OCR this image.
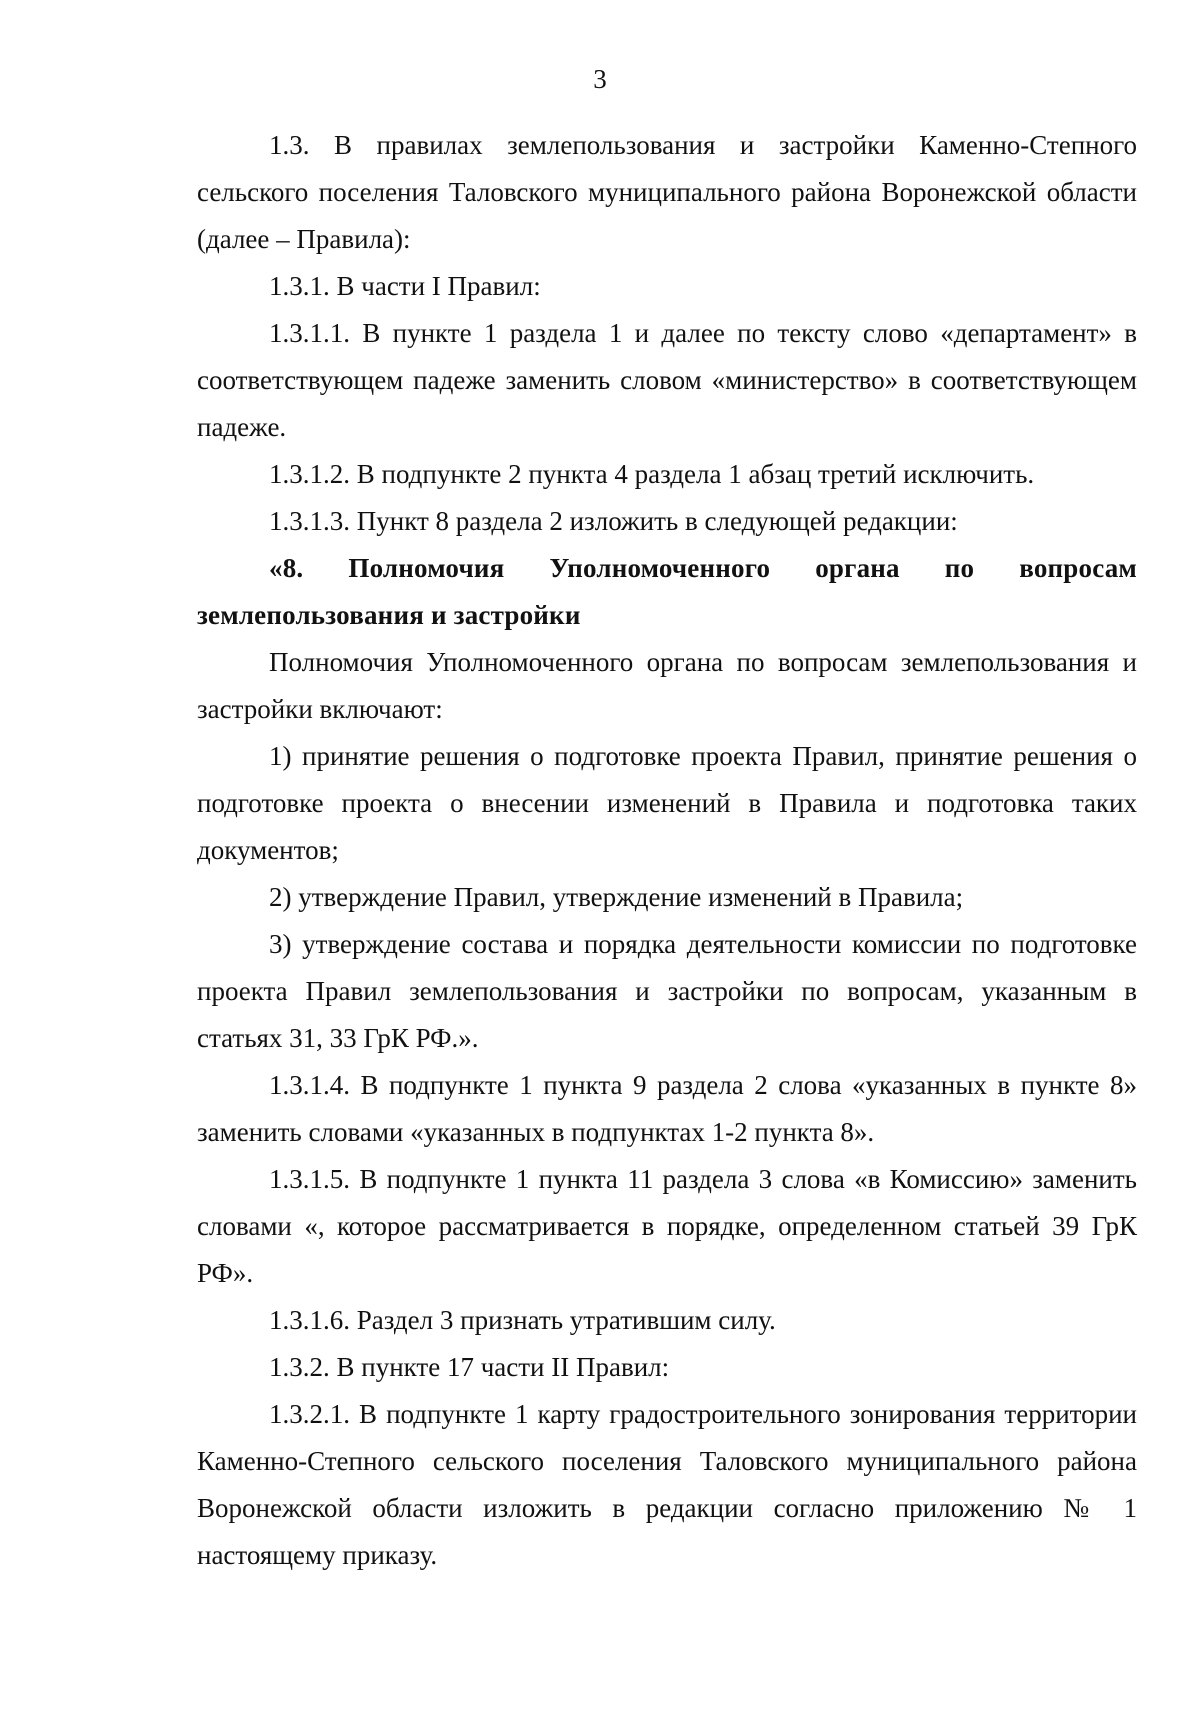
3

1.3. В правилах землепользования и застройки Каменно-Степного сельского поселения Таловского муниципального района Воронежской области (далее – Правила):

1.3.1. В части I Правил:

1.3.1.1. В пункте 1 раздела 1 и далее по тексту слово «департамент» в соответствующем падеже заменить словом «министерство» в соответствующем падеже.

1.3.1.2. В подпункте 2 пункта 4 раздела 1 абзац третий исключить.

1.3.1.3. Пункт 8 раздела 2 изложить в следующей редакции:

«8. Полномочия Уполномоченного органа по вопросам землепользования и застройки

Полномочия Уполномоченного органа по вопросам землепользования и застройки включают:

1) принятие решения о подготовке проекта Правил, принятие решения о подготовке проекта о внесении изменений в Правила и подготовка таких документов;

2) утверждение Правил, утверждение изменений в Правила;

3) утверждение состава и порядка деятельности комиссии по подготовке проекта Правил землепользования и застройки по вопросам, указанным в статьях 31, 33 ГрК РФ.».

1.3.1.4. В подпункте 1 пункта 9 раздела 2 слова «указанных в пункте 8» заменить словами «указанных в подпунктах 1-2 пункта 8».

1.3.1.5. В подпункте 1 пункта 11 раздела 3 слова «в Комиссию» заменить словами «, которое рассматривается в порядке, определенном статьей 39 ГрК РФ».

1.3.1.6. Раздел 3 признать утратившим силу.

1.3.2. В пункте 17 части II Правил:

1.3.2.1. В подпункте 1 карту градостроительного зонирования территории Каменно-Степного сельского поселения Таловского муниципального района Воронежской области изложить в редакции согласно приложению № 1 настоящему приказу.
